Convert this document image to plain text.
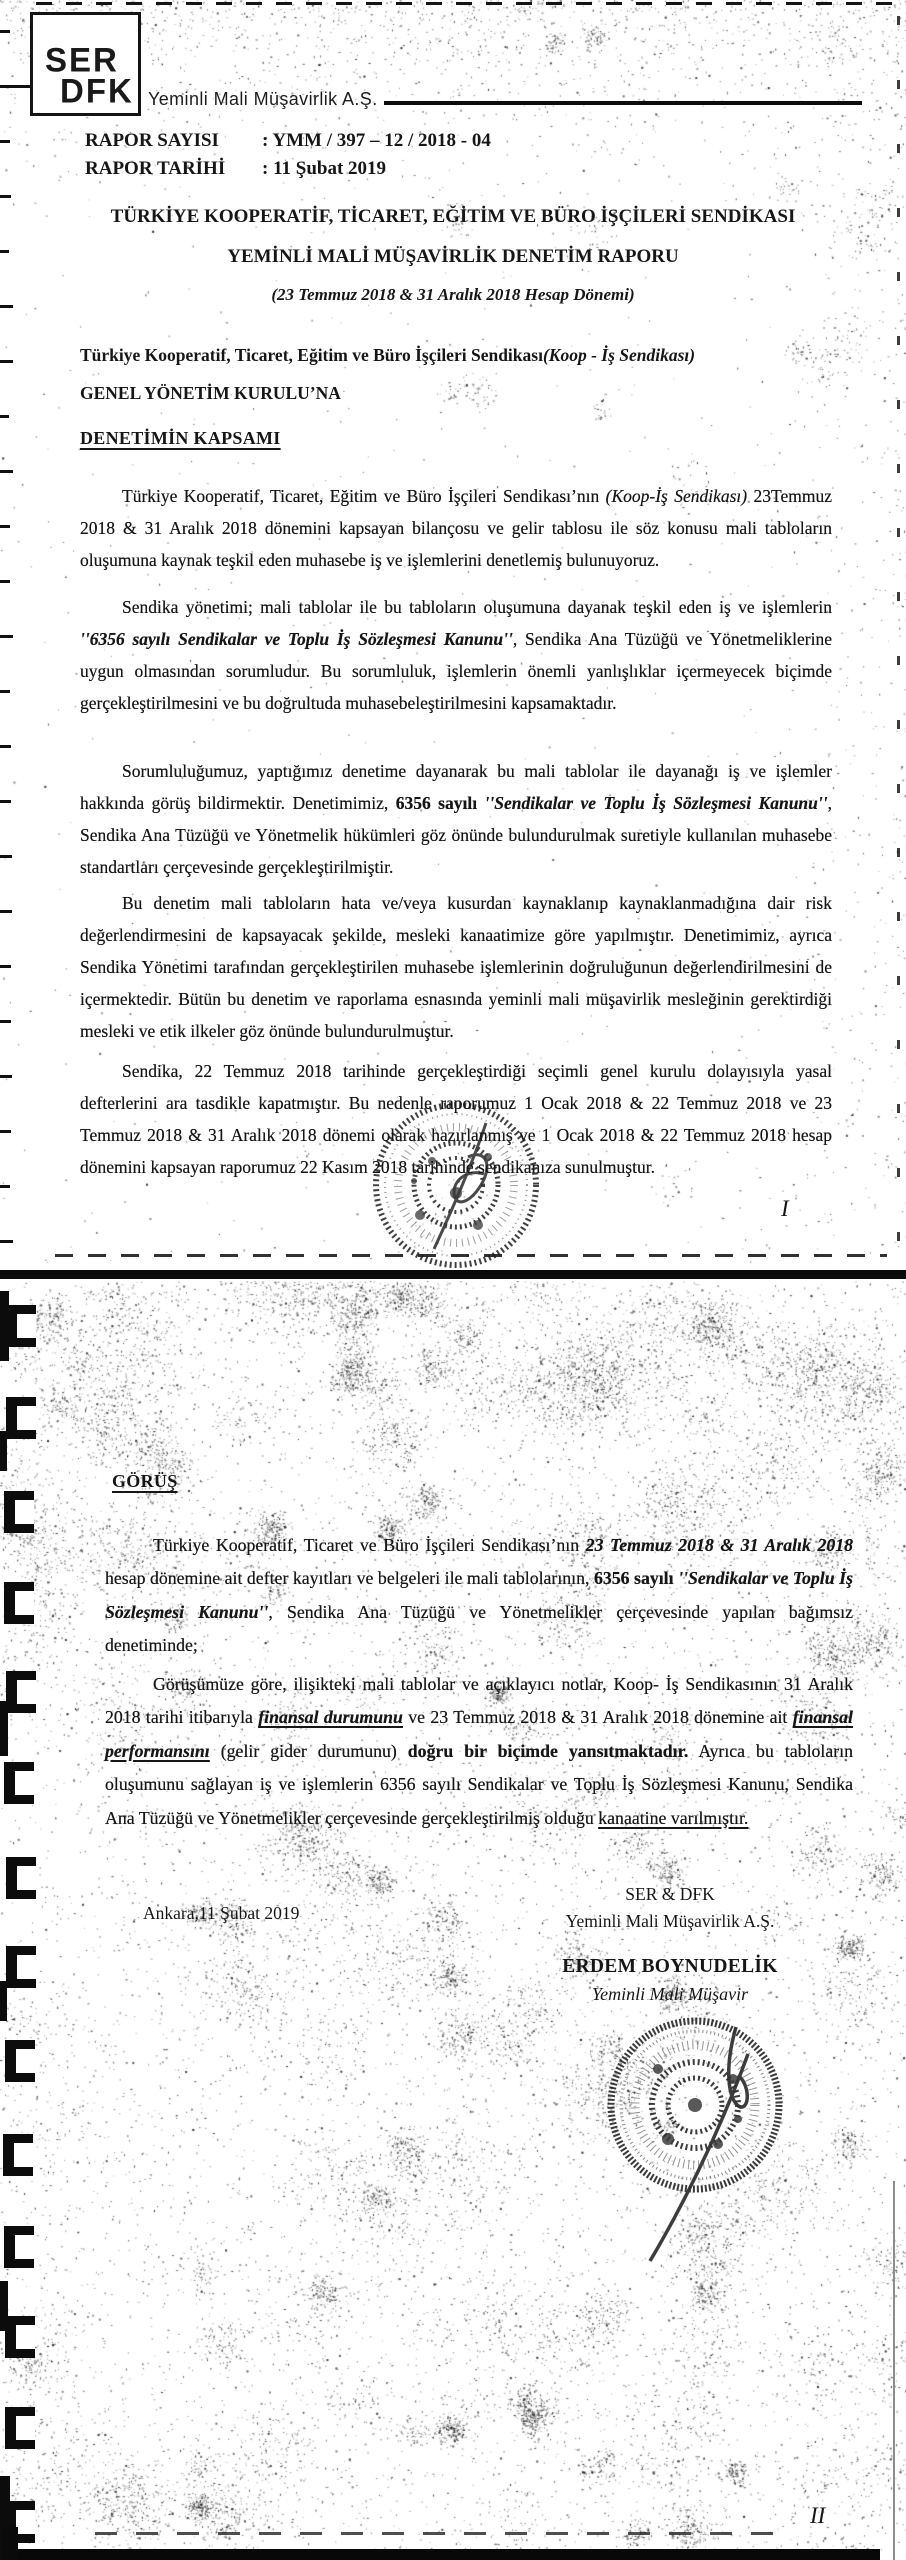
SER
DFK Yeminli Mali Müşavirlik A.Ş.
RAPOR SAYISI	: YMM / 397 – 12 / 2018 - 04
RAPOR TARİHİ	: 11 Şubat 2019
TÜRKİYE KOOPERATİF, TİCARET, EĞİTİM VE BÜRO İŞÇİLERİ SENDİKASI
YEMİNLİ MALİ MÜŞAVİRLİK DENETİM RAPORU
(23 Temmuz 2018 & 31 Aralık 2018 Hesap Dönemi)
Türkiye Kooperatif, Ticaret, Eğitim ve Büro İşçileri Sendikası(Koop - İş Sendikası)
GENEL YÖNETİM KURULU’NA
DENETİMİN KAPSAMI

Türkiye Kooperatif, Ticaret, Eğitim ve Büro İşçileri Sendikası’nın (Koop-İş Sendikası) 23Temmuz 2018 & 31 Aralık 2018 dönemini kapsayan bilançosu ve gelir tablosu ile söz konusu mali tabloların oluşumuna kaynak teşkil eden muhasebe iş ve işlemlerini denetlemiş bulunuyoruz.

Sendika yönetimi; mali tablolar ile bu tabloların oluşumuna dayanak teşkil eden iş ve işlemlerin ''6356 sayılı Sendikalar ve Toplu İş Sözleşmesi Kanunu'', Sendika Ana Tüzüğü ve Yönetmeliklerine uygun olmasından sorumludur. Bu sorumluluk, işlemlerin önemli yanlışlıklar içermeyecek biçimde gerçekleştirilmesini ve bu doğrultuda muhasebeleştirilmesini kapsamaktadır.

Sorumluluğumuz, yaptığımız denetime dayanarak bu mali tablolar ile dayanağı iş ve işlemler hakkında görüş bildirmektir. Denetimimiz, 6356 sayılı ''Sendikalar ve Toplu İş Sözleşmesi Kanunu'', Sendika Ana Tüzüğü ve Yönetmelik hükümleri göz önünde bulundurulmak suretiyle kullanılan muhasebe standartları çerçevesinde gerçekleştirilmiştir.

Bu denetim mali tabloların hata ve/veya kusurdan kaynaklanıp kaynaklanmadığına dair risk değerlendirmesini de kapsayacak şekilde, mesleki kanaatimize göre yapılmıştır. Denetimimiz, ayrıca Sendika Yönetimi tarafından gerçekleştirilen muhasebe işlemlerinin doğruluğunun değerlendirilmesini de içermektedir. Bütün bu denetim ve raporlama esnasında yeminli mali müşavirlik mesleğinin gerektirdiği mesleki ve etik ilkeler göz önünde bulundurulmuştur.

Sendika, 22 Temmuz 2018 tarihinde gerçekleştirdiği seçimli genel kurulu dolayısıyla yasal defterlerini ara tasdikle kapatmıştır. Bu nedenle raporumuz 1 Ocak 2018 & 22 Temmuz 2018 ve 23 Temmuz 2018 & 31 Aralık 2018 dönemi olarak hazırlanmış ve 1 Ocak 2018 & 22 Temmuz 2018 hesap dönemini kapsayan raporumuz 22 Kasım 2018 tarihinde sendikanıza sunulmuştur.

I
GÖRÜŞ

Türkiye Kooperatif, Ticaret ve Büro İşçileri Sendikası’nın 23 Temmuz 2018 & 31 Aralık 2018 hesap dönemine ait defter kayıtları ve belgeleri ile mali tablolarının, 6356 sayılı ''Sendikalar ve Toplu İş Sözleşmesi Kanunu'', Sendika Ana Tüzüğü ve Yönetmelikler çerçevesinde yapılan bağımsız denetiminde;

Görüşümüze göre, ilişikteki mali tablolar ve açıklayıcı notlar, Koop- İş Sendikasının 31 Aralık 2018 tarihi itibarıyla finansal durumunu ve 23 Temmuz 2018 & 31 Aralık 2018 dönemine ait finansal performansını (gelir gider durumunu) doğru bir biçimde yansıtmaktadır. Ayrıca bu tabloların oluşumunu sağlayan iş ve işlemlerin 6356 sayılı Sendikalar ve Toplu İş Sözleşmesi Kanunu, Sendika Ana Tüzüğü ve Yönetmelikler çerçevesinde gerçekleştirilmiş olduğu kanaatine varılmıştır.

Ankara,11 Şubat 2019
SER & DFK
Yeminli Mali Müşavirlik A.Ş.
ERDEM BOYNUDELİK
Yeminli Mali Müşavir
II
